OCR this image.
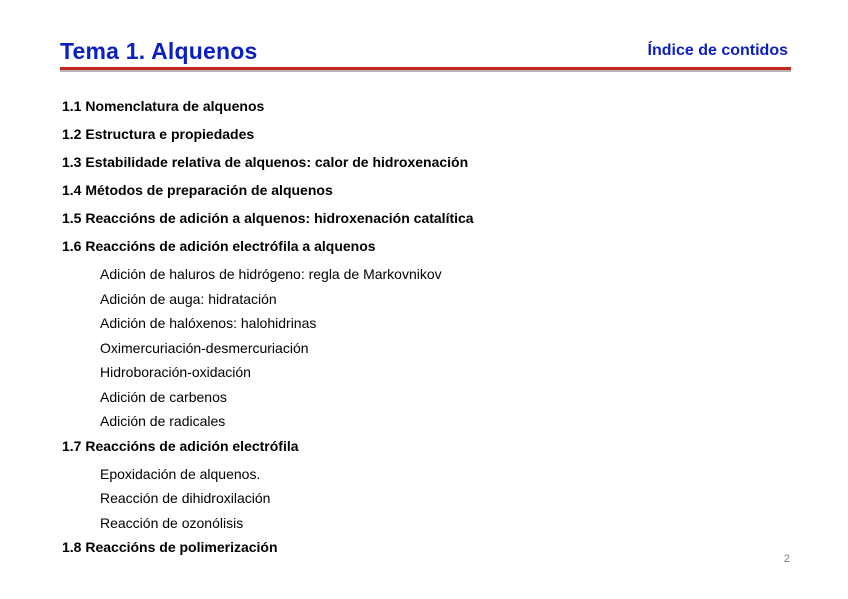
Tema 1. Alquenos	Índice de contidos
1.1 Nomenclatura de alquenos
1.2 Estructura e propiedades
1.3 Estabilidade relativa de alquenos: calor de hidroxenación
1.4 Métodos de preparación de alquenos
1.5 Reaccións de adición a alquenos: hidroxenación catalítica
1.6 Reaccións de adición electrófila a alquenos
Adición de haluros de hidrógeno: regla de Markovnikov
Adición de auga: hidratación
Adición de halóxenos: halohidrinas
Oximercuriación-desmercuriación
Hidroboración-oxidación
Adición de carbenos
Adición de radicales
1.7 Reaccións de adición electrófila
Epoxidación de alquenos.
Reacción de dihidroxilación
Reacción de ozonólisis
1.8 Reaccións de polimerización
2
